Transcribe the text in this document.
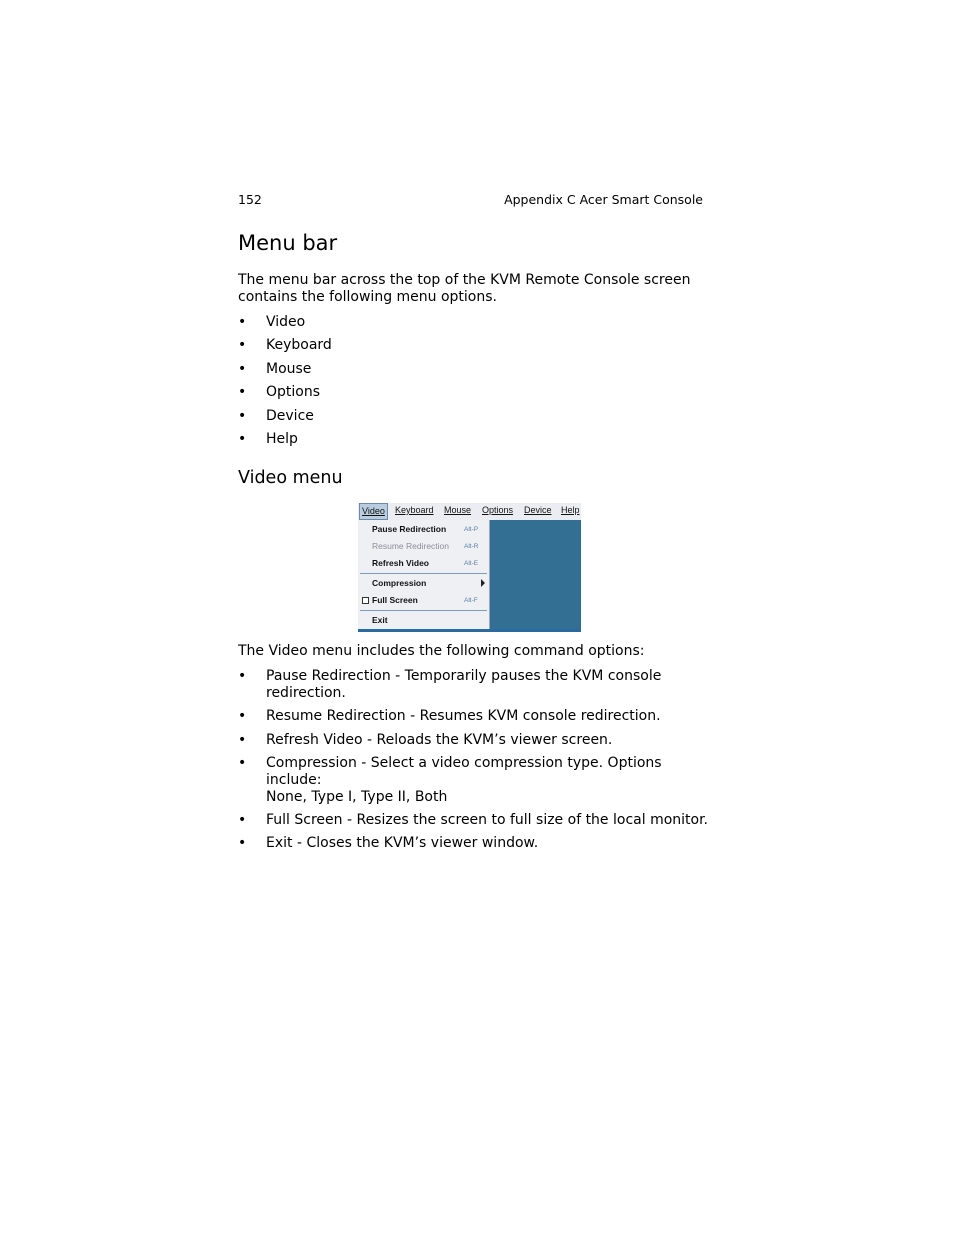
152	Appendix C Acer Smart Console
Menu bar
The menu bar across the top of the KVM Remote Console screen
contains the following menu options.
• Video
• Keyboard
• Mouse
• Options
• Device
• Help
Video menu
Video	Keyboard Mouse Options Device Help
Pause Redirection	Alt-P
Resume Redirection Alt-R
Refresh Video	Alt-E
Compression
Full Screen	Alt-F
Exit
The Video menu includes the following command options:
• Pause Redirection - Temporarily pauses the KVM console
redirection.
• Resume Redirection - Resumes KVM console redirection.
• Refresh Video - Reloads the KVM’s viewer screen.
• Compression - Select a video compression type. Options include:
None, Type I, Type II, Both
• Full Screen - Resizes the screen to full size of the local monitor.
• Exit - Closes the KVM’s viewer window.
